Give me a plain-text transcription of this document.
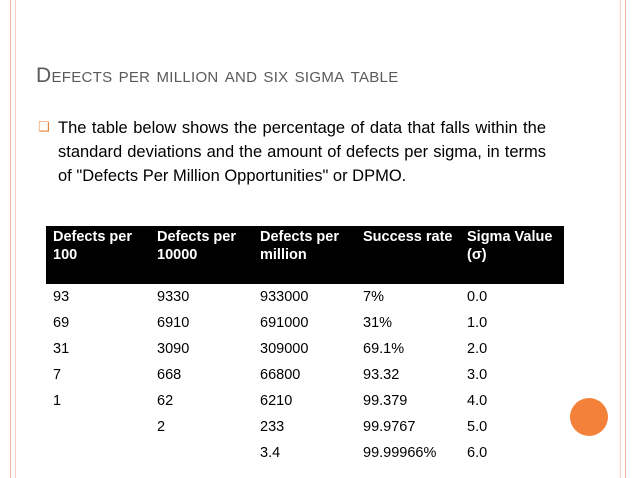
Defects per million and six sigma table
❑ The table below shows the percentage of data that falls within the standard deviations and the amount of defects per sigma, in terms of "Defects Per Million Opportunities" or DPMO.

Defects per 100	Defects per 10000	Defects per million	Success rate	Sigma Value (σ)
93	9330	933000	7%	0.0
69	6910	691000	31%	1.0
31	3090	309000	69.1%	2.0
7	668	66800	93.32	3.0
1	62	6210	99.379	4.0
	2	233	99.9767	5.0
		3.4	99.99966%	6.0
